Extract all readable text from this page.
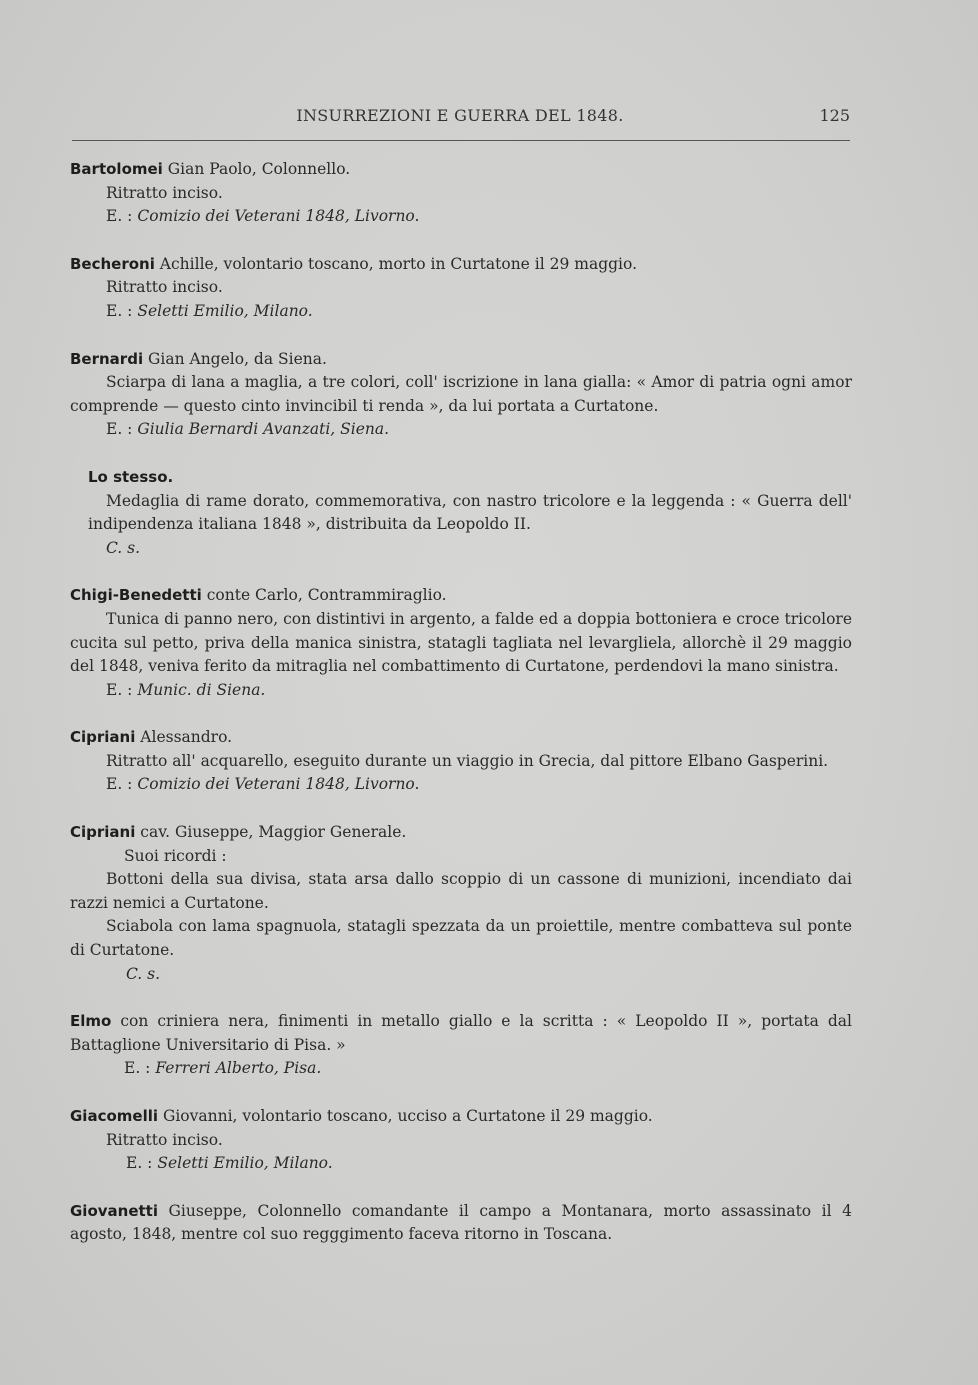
INSURREZIONI E GUERRA DEL 1848.	125

Bartolomei Gian Paolo, Colonnello.

Ritratto inciso.

E. : Comizio dei Veterani 1848, Livorno.

Becheroni Achille, volontario toscano, morto in Curtatone il 29 maggio.

Ritratto inciso.

E. : Seletti Emilio, Milano.

Bernardi Gian Angelo, da Siena.

Sciarpa di lana a maglia, a tre colori, coll' iscrizione in lana gialla: « Amor di patria ogni amor comprende — questo cinto invincibil ti renda », da lui portata a Curtatone.

E. : Giulia Bernardi Avanzati, Siena.

Lo stesso.

Medaglia di rame dorato, commemorativa, con nastro tricolore e la leggenda : « Guerra dell' indipendenza italiana 1848 », distribuita da Leopoldo II.

C. s.

Chigi-Benedetti conte Carlo, Contrammiraglio.

Tunica di panno nero, con distintivi in argento, a falde ed a doppia bottoniera e croce tricolore cucita sul petto, priva della manica sinistra, statagli tagliata nel levargliela, allorchè il 29 maggio del 1848, veniva ferito da mitraglia nel combattimento di Curtatone, perdendovi la mano sinistra.

E. : Munic. di Siena.

Cipriani Alessandro.

Ritratto all' acquarello, eseguito durante un viaggio in Grecia, dal pittore Elbano Gasperini.

E. : Comizio dei Veterani 1848, Livorno.

Cipriani cav. Giuseppe, Maggior Generale.

Suoi ricordi :

Bottoni della sua divisa, stata arsa dallo scoppio di un cassone di munizioni, incendiato dai razzi nemici a Curtatone.

Sciabola con lama spagnuola, statagli spezzata da un proiettile, mentre combatteva sul ponte di Curtatone.

C. s.

Elmo con criniera nera, finimenti in metallo giallo e la scritta : « Leopoldo II », portata dal Battaglione Universitario di Pisa. »

E. : Ferreri Alberto, Pisa.

Giacomelli Giovanni, volontario toscano, ucciso a Curtatone il 29 maggio.

Ritratto inciso.

E. : Seletti Emilio, Milano.

Giovanetti Giuseppe, Colonnello comandante il campo a Montanara, morto assassinato il 4 agosto, 1848, mentre col suo regggimento faceva ritorno in Toscana.
